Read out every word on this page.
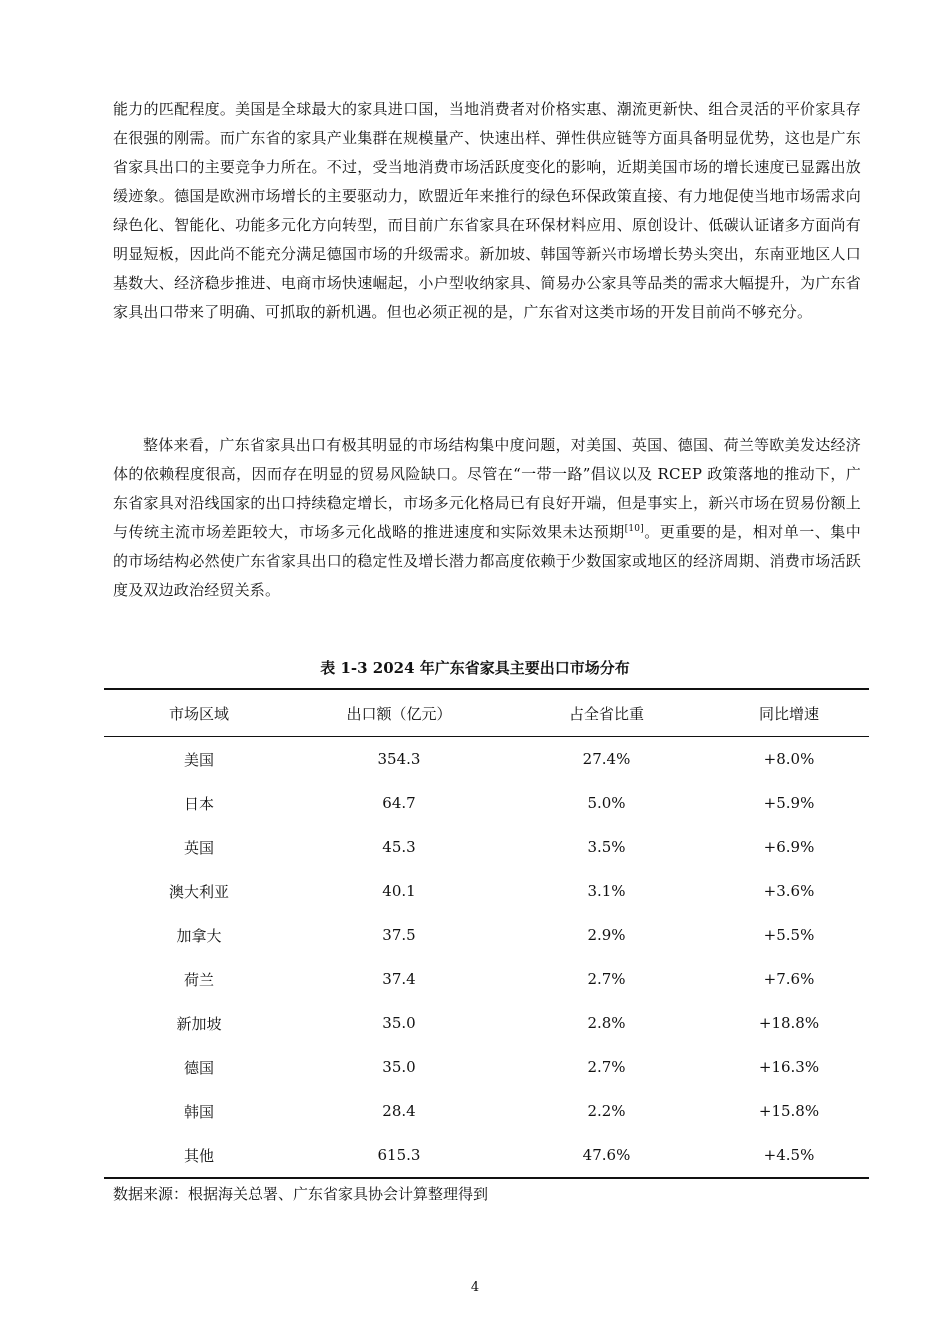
能力的匹配程度。美国是全球最大的家具进口国，当地消费者对价格实惠、潮流更新快、组合灵活的平价家具存在很强的刚需。而广东省的家具产业集群在规模量产、快速出样、弹性供应链等方面具备明显优势，这也是广东省家具出口的主要竞争力所在。不过，受当地消费市场活跃度变化的影响，近期美国市场的增长速度已显露出放缓迹象。德国是欧洲市场增长的主要驱动力，欧盟近年来推行的绿色环保政策直接、有力地促使当地市场需求向绿色化、智能化、功能多元化方向转型，而目前广东省家具在环保材料应用、原创设计、低碳认证诸多方面尚有明显短板，因此尚不能充分满足德国市场的升级需求。新加坡、韩国等新兴市场增长势头突出，东南亚地区人口基数大、经济稳步推进、电商市场快速崛起，小户型收纳家具、简易办公家具等品类的需求大幅提升，为广东省家具出口带来了明确、可抓取的新机遇。但也必须正视的是，广东省对这类市场的开发目前尚不够充分。

整体来看，广东省家具出口有极其明显的市场结构集中度问题，对美国、英国、德国、荷兰等欧美发达经济体的依赖程度很高，因而存在明显的贸易风险缺口。尽管在“一带一路”倡议以及 RCEP 政策落地的推动下，广东省家具对沿线国家的出口持续稳定增长，市场多元化格局已有良好开端，但是事实上，新兴市场在贸易份额上与传统主流市场差距较大，市场多元化战略的推进速度和实际效果未达预期[10]。更重要的是，相对单一、集中的市场结构必然使广东省家具出口的稳定性及增长潜力都高度依赖于少数国家或地区的经济周期、消费市场活跃度及双边政治经贸关系。

表 1-3 2024 年广东省家具主要出口市场分布
市场区域	出口额（亿元）	占全省比重	同比增速
美国	354.3	27.4%	+8.0%
日本	64.7	5.0%	+5.9%
英国	45.3	3.5%	+6.9%
澳大利亚	40.1	3.1%	+3.6%
加拿大	37.5	2.9%	+5.5%
荷兰	37.4	2.7%	+7.6%
新加坡	35.0	2.8%	+18.8%
德国	35.0	2.7%	+16.3%
韩国	28.4	2.2%	+15.8%
其他	615.3	47.6%	+4.5%
数据来源：根据海关总署、广东省家具协会计算整理得到
4
